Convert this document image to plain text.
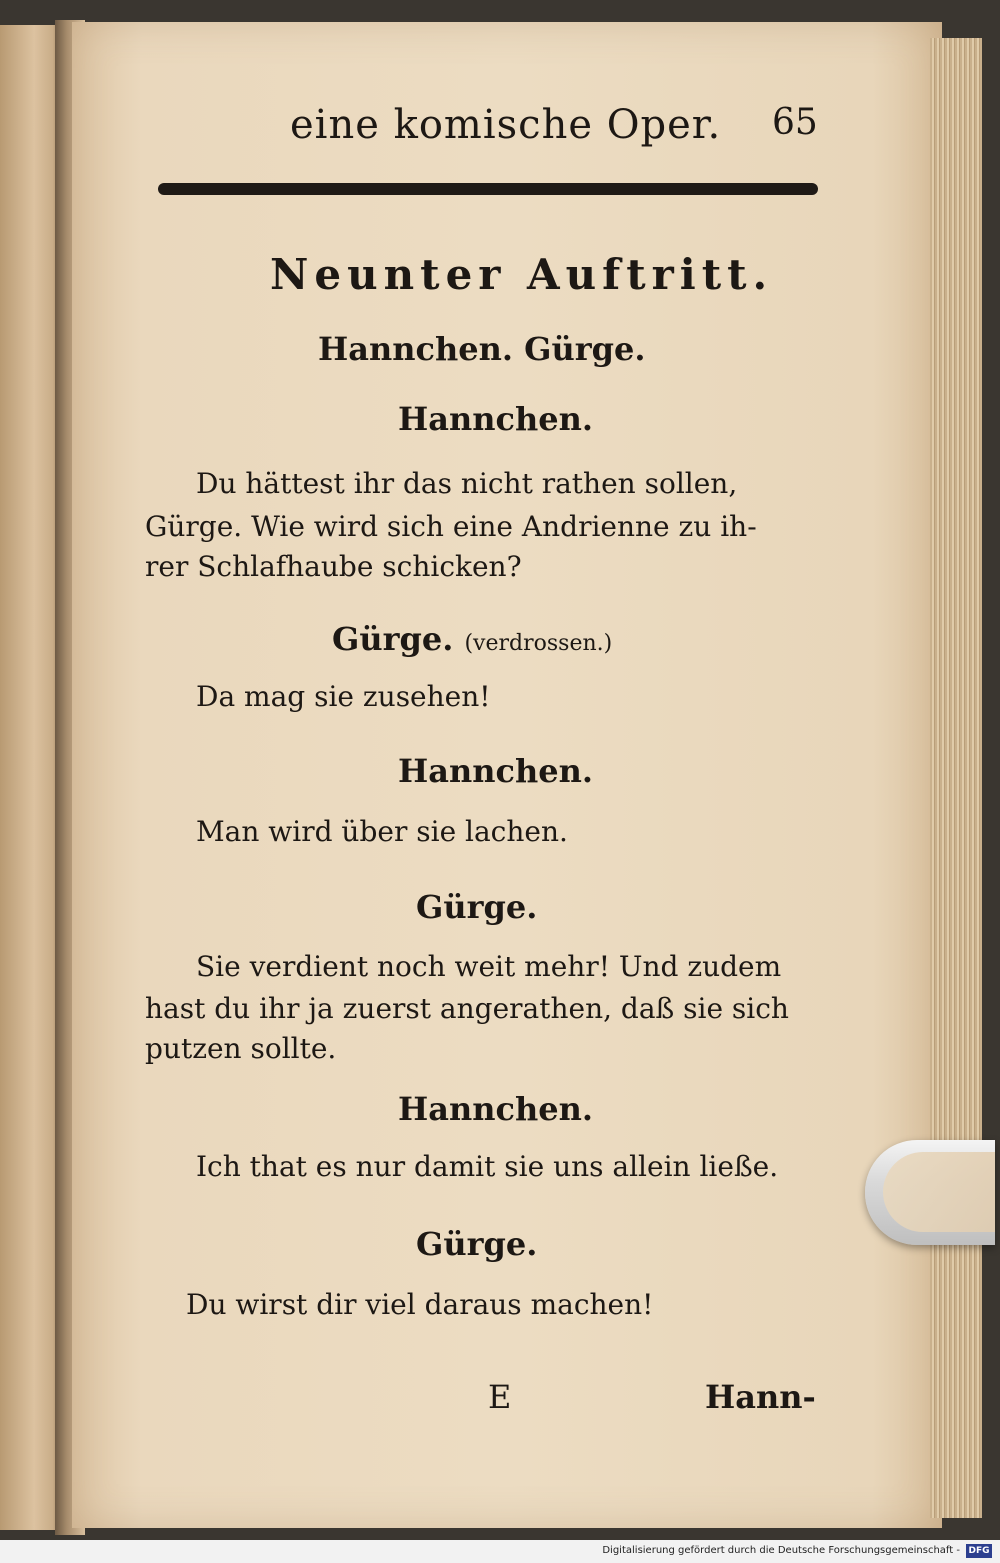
eine komische Oper. 65
Neunter Auftritt.
Hannchen. Gürge.
Hannchen.
Du hättest ihr das nicht rathen sollen,
Gürge. Wie wird sich eine Andrienne zu ih-
rer Schlafhaube schicken?
Gürge. (verdrossen.)
Da mag sie zusehen!
Hannchen.
Man wird über sie lachen.
Gürge.
Sie verdient noch weit mehr! Und zudem
hast du ihr ja zuerst angerathen, daß sie sich
putzen sollte.
Hannchen.
Ich that es nur damit sie uns allein ließe.
Gürge.
Du wirst dir viel daraus machen!
E	Hann-
Digitalisierung gefördert durch die Deutsche Forschungsgemeinschaft - DFG
